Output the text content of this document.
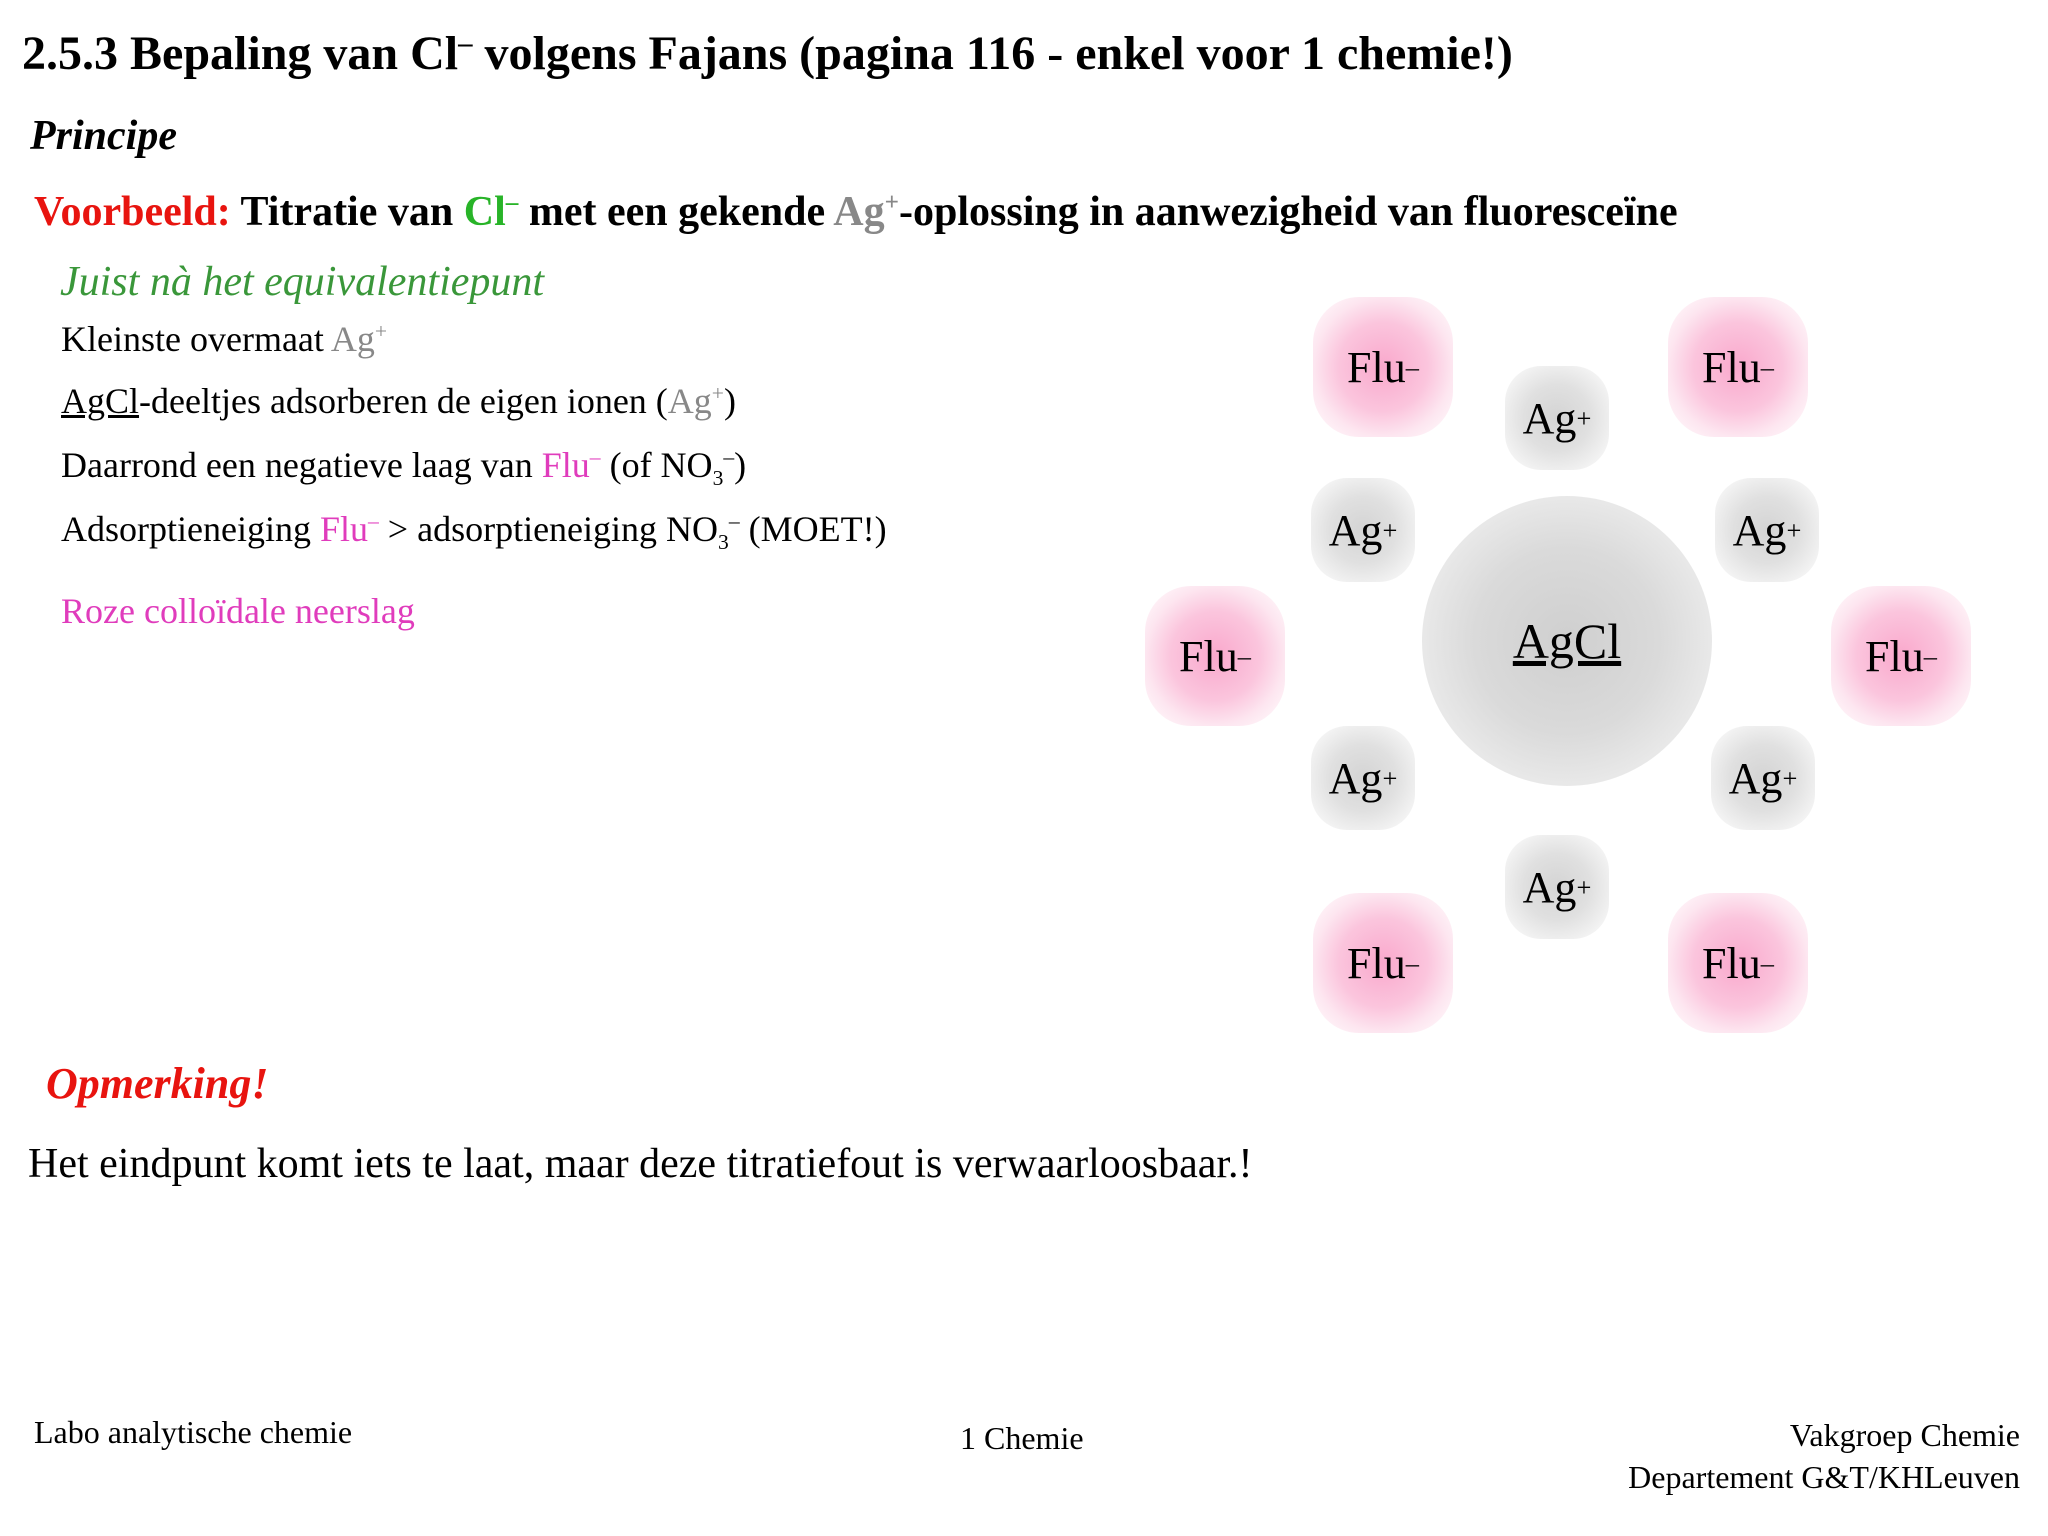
2.5.3 Bepaling van Cl– volgens Fajans (pagina 116 - enkel voor 1 chemie!)
Principe
Voorbeeld: Titratie van Cl– met een gekende Ag+-oplossing in aanwezigheid van fluoresceïne
Juist nà het equivalentiepunt
Kleinste overmaat Ag+
AgCl-deeltjes adsorberen de eigen ionen (Ag+)
Daarrond een negatieve laag van Flu– (of $NO_3^-$)
Adsorptieneiging Flu– > adsorptieneiging $NO_3^-$ (MOET!)
Roze colloïdale neerslag
AgCl
Flu –	Flu –
Flu –	Flu –
Flu –	Flu –
Ag +
Ag +	Ag +
Ag +	Ag +
Ag +
Opmerking!
Het eindpunt komt iets te laat, maar deze titratiefout is verwaarloosbaar.!
Labo analytische chemie	1 Chemie	Vakgroep Chemie
Departement G&T/KHLeuven
